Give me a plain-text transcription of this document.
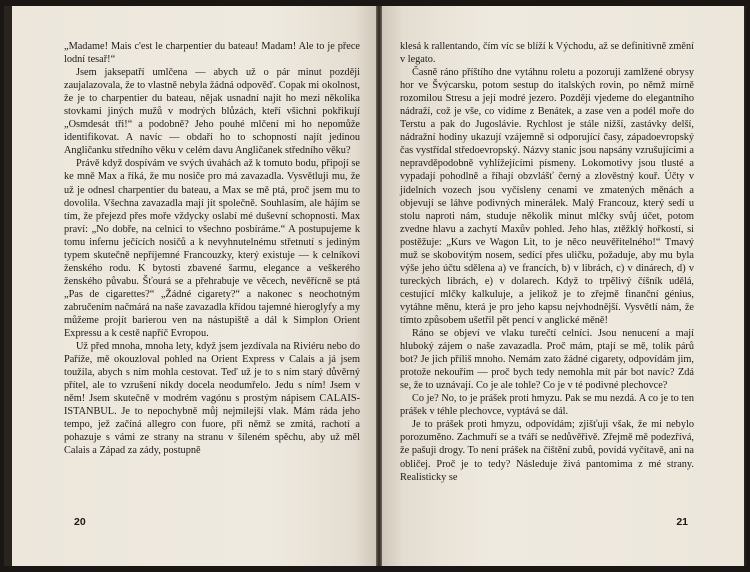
„Madame! Mais c'est le charpentier du bateau! Madam! Ale to je přece lodní tesař!“

Jsem jaksepatří umlčena — abych už o pár minut později zaujalazovala, že to vlastně nebyla žádná odpověď. Copak mi okolnost, že je to charpentier du bateau, nějak usnadní najít ho mezi několika stovkami jiných mužů v modrých blůzách, kteří všichni pokřikují „Osmdesát tři!“ a podobně? Jeho pouhé mlčení mi ho nepomůže identifikovat. A navíc — obdaří ho to schopností najít jedinou Angličanku středního věku v celém davu Angličanek středního věku?

Právě když dospívám ve svých úvahách až k tomuto bodu, připojí se ke mně Max a říká, že mu nosiče pro má zavazadla. Vysvětluji mu, že už je odnesl charpentier du bateau, a Max se mě ptá, proč jsem mu to dovolila. Všechna zavazadla mají jít společně. Souhlasím, ale hájím se tím, že přejezd přes moře vždycky oslabí mé duševní schopnosti. Max praví: „No dobře, na celnici to všechno posbíráme.“ A postupujeme k tomu infernu ječících nosičů a k nevyhnutelnému střetnutí s jediným typem skutečně nepříjemné Francouzky, který existuje — k celníkovi ženského rodu. K bytosti zbavené šarmu, elegance a veškerého ženského půvabu. Šťourá se a přehrabuje ve věcech, nevěřícně se ptá „Pas de cigarettes?“ „Žádné cigarety?“ a nakonec s neochotným zabručením načmárá na naše zavazadla křídou tajemné hieroglyfy a my můžeme projít barierou ven na nástupiště a dál k Simplon Orient Expressu a k cestě napříč Evropou.

Už před mnoha, mnoha lety, když jsem jezdívala na Riviéru nebo do Paříže, mě okouzloval pohled na Orient Express v Calais a já jsem toužila, abych s ním mohla cestovat. Teď už je to s ním starý důvěrný přítel, ale to vzrušení nikdy docela neodumřelo. Jedu s ním! Jsem v něm! Jsem skutečně v modrém vagónu s prostým nápisem CALAIS-ISTANBUL. Je to nepochybně můj nejmilejší vlak. Mám ráda jeho tempo, jež začíná allegro con fuore, při němž se zmítá, rachotí a pohazuje s vámi ze strany na stranu v šíleném spěchu, aby už měl Calais a Západ za zády, postupně

20

klesá k rallentando, čím víc se blíží k Východu, až se definitivně změní v legato.

Časně ráno příštího dne vytáhnu roletu a pozoruji zamlžené obrysy hor ve Švýcarsku, potom sestup do italských rovin, po němž mírně rozomilou Stresu a její modré jezero. Později vjedeme do elegantního nádraží, což je vše, co vidíme z Benátek, a zase ven a podél moře do Terstu a pak do Jugoslávie. Rychlost je stále nižší, zastávky delší, nádražní hodiny ukazují vzájemně si odporující časy, západoevropský čas vystřídal středoevropský. Názvy stanic jsou napsány vzrušujícími a nepravděpodobně vyhlížejícími písmeny. Lokomotivy jsou tlusté a vypadají pohodlně a říhají obzvlášť černý a zlověstný kouř. Účty v jídelních vozech jsou vyčísleny cenami ve zmatených měnách a objevují se láhve podivných minerálek. Malý Francouz, který sedí u stolu naproti nám, studuje několik minut mlčky svůj účet, potom zvedne hlavu a zachytí Maxův pohled. Jeho hlas, ztěžklý hořkostí, si postěžuje: „Kurs ve Wagon Lit, to je něco neuvěřitelného!“ Tmavý muž se skobovitým nosem, sedící přes uličku, požaduje, aby mu byla výše jeho účtu sdělena a) ve francích, b) v librách, c) v dinárech, d) v tureckých librách, e) v dolarech. Když to trpělivý číšník udělá, cestující mlčky kalkuluje, a jelikož je to zřejmě finanční génius, vytáhne měnu, která je pro jeho kapsu nejvhodnější. Vysvětlí nám, že tímto způsobem ušetřil pět pencí v anglické měně!

Ráno se objeví ve vlaku turečtí celníci. Jsou nenucení a mají hluboký zájem o naše zavazadla. Proč mám, ptají se mě, tolik párů bot? Je jich příliš mnoho. Nemám zato žádné cigarety, odpovídám jim, protože nekouřím — proč bych tedy nemohla mít pár bot navíc? Zdá se, že to uznávají. Co je ale tohle? Co je v té podivné plechovce?

Co je? No, to je prášek proti hmyzu. Pak se mu nezdá. A co je to ten prášek v téhle plechovce, vyptává se dál.

Je to prášek proti hmyzu, odpovídám; zjišťuji však, že mi nebylo porozuměno. Zachmuří se a tváří se nedůvěřivě. Zřejmě mě podezřívá, že pašuji drogy. To není prášek na čištění zubů, povídá vyčítavě, ani na obličej. Proč je to tedy? Následuje živá pantomima z mé strany. Realisticky se

21
